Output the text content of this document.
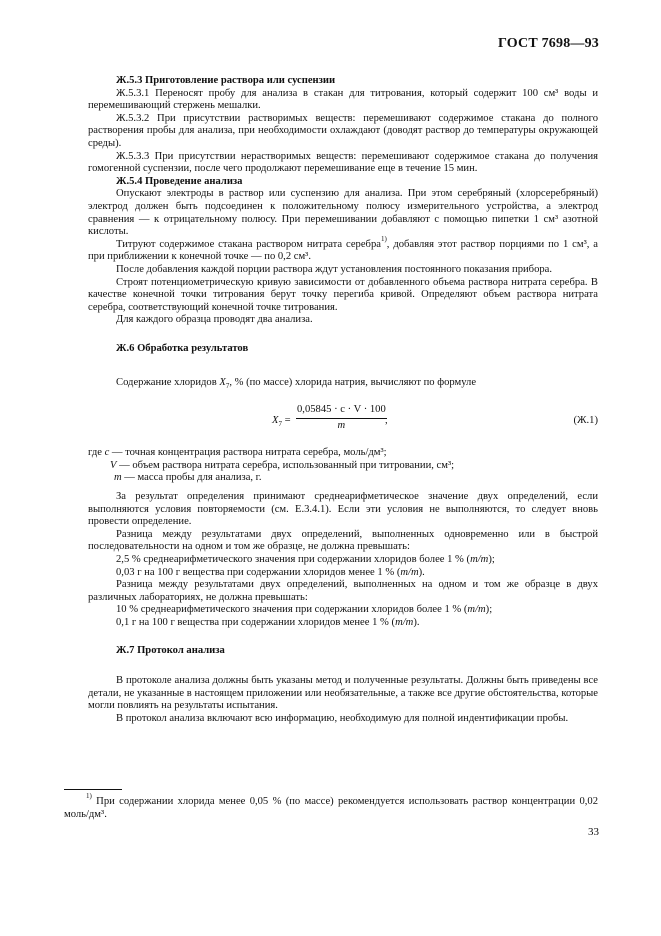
ГОСТ 7698—93

Ж.5.3 Приготовление раствора или суспензии

Ж.5.3.1 Переносят пробу для анализа в стакан для титрования, который содержит 100 см³ воды и перемешивающий стержень мешалки.

Ж.5.3.2 При присутствии растворимых веществ: перемешивают содержимое стакана до полного растворения пробы для анализа, при необходимости охлаждают (доводят раствор до температуры окружающей среды).

Ж.5.3.3 При присутствии нерастворимых веществ: перемешивают содержимое стакана до получения гомогенной суспензии, после чего продолжают перемешивание еще в течение 15 мин.

Ж.5.4 Проведение анализа

Опускают электроды в раствор или суспензию для анализа. При этом серебряный (хлорсеребряный) электрод должен быть подсоединен к положительному полюсу измерительного устройства, а электрод сравнения — к отрицательному полюсу. При перемешивании добавляют с помощью пипетки 1 см³ азотной кислоты.

Титруют содержимое стакана раствором нитрата серебра$^{1)}$, добавляя этот раствор порциями по 1 см³, а при приближении к конечной точке — по 0,2 см³.

После добавления каждой порции раствора ждут установления постоянного показания прибора.

Строят потенциометрическую кривую зависимости от добавленного объема раствора нитрата серебра. В качестве конечной точки титрования берут точку перегиба кривой. Определяют объем раствора нитрата серебра, соответствующий конечной точке титрования.

Для каждого образца проводят два анализа.

Ж.6 Обработка результатов

Содержание хлоридов $X_7$, % (по массе) хлорида натрия, вычисляют по формуле

$X_7 = \frac{0,05845 \cdot c \cdot V \cdot 100}{m}$
,	(Ж.1)

где c — точная концентрация раствора нитрата серебра, моль/дм³;

V — объем раствора нитрата серебра, использованный при титровании, см³;

m — масса пробы для анализа, г.

За результат определения принимают среднеарифметическое значение двух определений, если выполняются условия повторяемости (см. Е.3.4.1). Если эти условия не выполняются, то следует вновь провести определение.

Разница между результатами двух определений, выполненных одновременно или в быстрой последовательности на одном и том же образце, не должна превышать:

2,5 % среднеарифметического значения при содержании хлоридов более 1 % (m/m);

0,03 г на 100 г вещества при содержании хлоридов менее 1 % (m/m).

Разница между результатами двух определений, выполненных на одном и том же образце в двух различных лабораториях, не должна превышать:

10 % среднеарифметического значения при содержании хлоридов более 1 % (m/m);

0,1 г на 100 г вещества при содержании хлоридов менее 1 % (m/m).

Ж.7 Протокол анализа

В протоколе анализа должны быть указаны метод и полученные результаты. Должны быть приведены все детали, не указанные в настоящем приложении или необязательные, а также все другие обстоятельства, которые могли повлиять на результаты испытания.

В протокол анализа включают всю информацию, необходимую для полной индентификации пробы.

$^{1)}$ При содержании хлорида менее 0,05 % (по массе) рекомендуется использовать раствор концентрации 0,02 моль/дм³.

33
